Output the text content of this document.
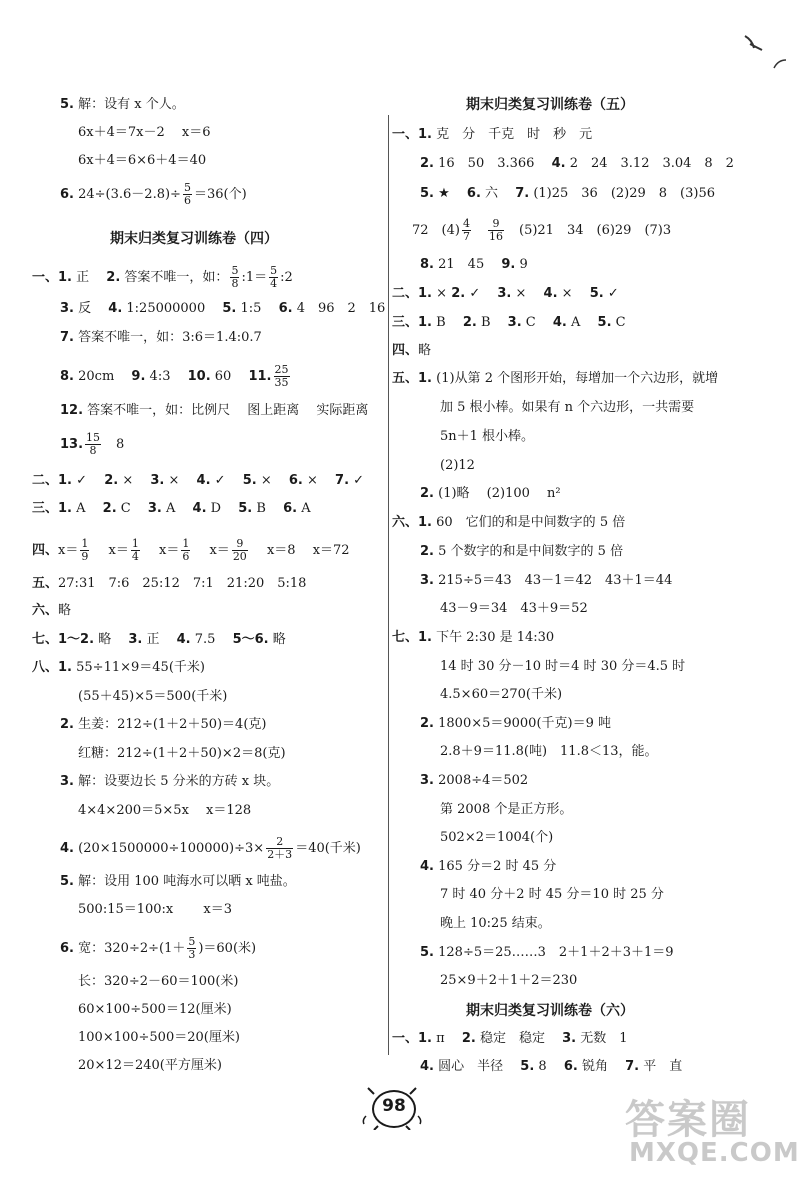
5. 解：设有 x 个人。
6x＋4＝7x－2　 x＝6
6x＋4＝6×6＋4＝40
6. $24\div(3.6-2.8)\div \frac{5}{6} =36$(个)
期末归类复习训练卷（四）
一、1. 正　 2. 答案不唯一，如： $\frac{5}{8}$ :1＝ $\frac{5}{4}$ :2
3. 反　 4. 1:25000000　 5. 1:5　 6. 4　96　2　16
7. 答案不唯一，如：3:6＝1.4:0.7
8. 20cm　 9. 4:3　 10. 60　 11. $\frac{25}{35}$
12. 答案不唯一，如：比例尺　 图上距离　 实际距离
13. $\frac{15}{8}$
　 8
二、1. ✓　 2. ×　 3. ×　 4. ✓　 5. ×　 6. ×　 7. ✓
三、1. A　 2. C　 3. A　 4. D　 5. B　 6. A
四、$x= \frac{1}{9}$
　 $x= \frac{1}{4}$
　 $x= \frac{1}{6}$
　 $x= \frac{9}{20}$
　 x＝8　 x＝72
五、27:31　7:6　25:12　7:1　21:20　5:18
六、略
七、1～2. 略　 3. 正　 4. 7.5　 5～6. 略
八、1. 55÷11×9＝45(千米)
(55＋45)×5＝500(千米)
2. 生姜：212÷(1＋2＋50)＝4(克)
红糖：212÷(1＋2＋50)×2＝8(克)
3. 解：设要边长 5 分米的方砖 x 块。
4×4×200＝5×5x　 x＝128
4. $(20\times 1500000\div 100000)\div 3\times \frac{2}{2+3} =40$(千米)
5. 解：设用 100 吨海水可以晒 x 吨盐。
500:15＝100:x　　 x＝3
6. 宽：$320\div 2\div(1+ \frac{5}{3} )=60$(米)
长：320÷2－60＝100(米)
60×100÷500＝12(厘米)
100×100÷500＝20(厘米)
20×12＝240(平方厘米)
期末归类复习训练卷（五）
一、1. 克　分　千克　时　秒　元
2. 16　50　3.366　 4. 2　24　3.12　3.04　8　2
5. ★　 6. 六　 7. (1)25　36　(2)29　8　(3)56
72　$(4) \frac{4}{7}$
　 $\frac{9}{16}$
　 (5)21　34　(6)29　(7)3
8. 21　45　 9. 9
二、1. × 2. ✓　 3. ×　 4. ×　 5. ✓
三、1. B　 2. B　 3. C　 4. A　 5. C
四、略
五、1. (1)从第 2 个图形开始，每增加一个六边形，就增
加 5 根小棒。如果有 n 个六边形，一共需要
5n＋1 根小棒。
(2)12
2. (1)略　 (2)100　 n²
六、1. 60　它们的和是中间数字的 5 倍
2. 5 个数字的和是中间数字的 5 倍
3. 215÷5＝43　43－1＝42　43＋1＝44
43－9＝34　43＋9＝52
七、1. 下午 2:30 是 14:30
14 时 30 分－10 时＝4 时 30 分＝4.5 时
4.5×60＝270(千米)
2. 1800×5＝9000(千克)＝9 吨
2.8＋9＝11.8(吨)　11.8＜13，能。
3. 2008÷4＝502
第 2008 个是正方形。
502×2＝1004(个)
4. 165 分＝2 时 45 分
7 时 40 分＋2 时 45 分＝10 时 25 分
晚上 10:25 结束。
5. 128÷5＝25……3　2＋1＋2＋3＋1＝9
25×9＋2＋1＋2＝230
期末归类复习训练卷（六）
一、1. π　 2. 稳定　稳定　 3. 无数　1
4. 圆心　半径　 5. 8　 6. 锐角　 7. 平　直
98	答案圈
MXQE.COM
